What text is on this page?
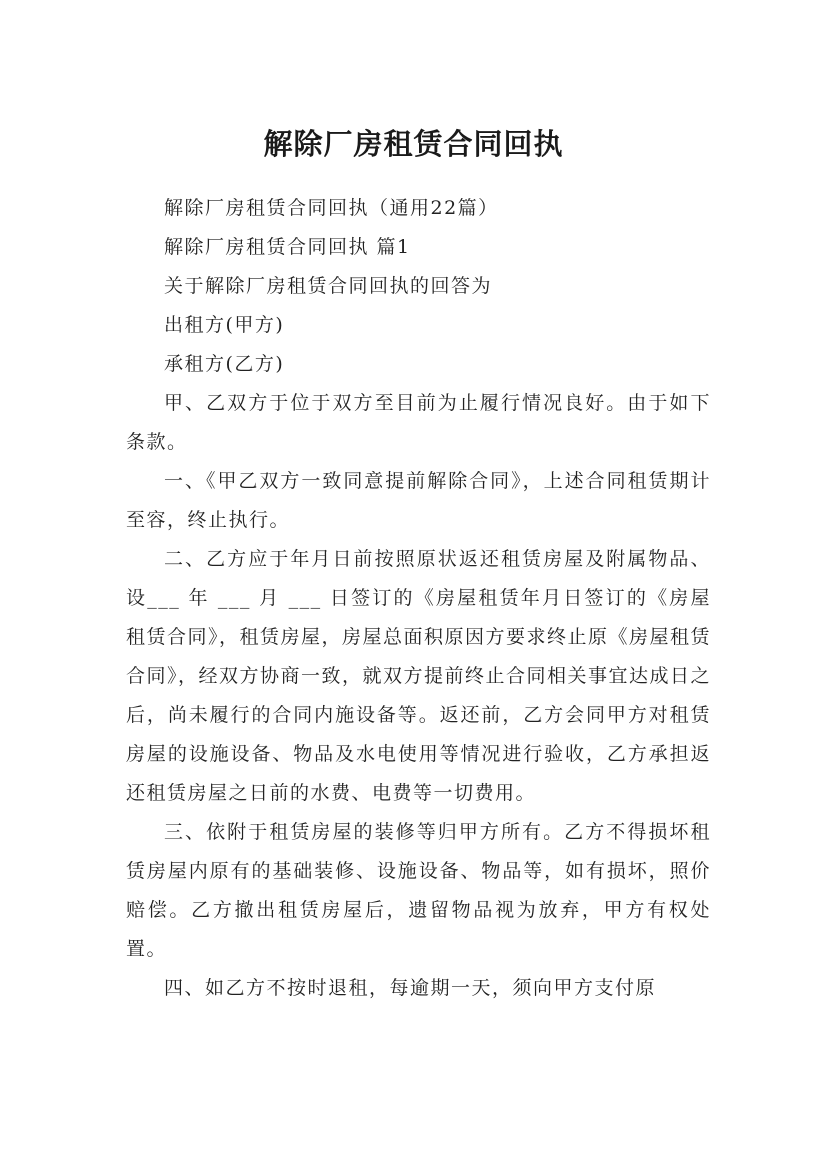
解除厂房租赁合同回执

解除厂房租赁合同回执（通用22篇）

解除厂房租赁合同回执 篇1

关于解除厂房租赁合同回执的回答为

出租方(甲方)

承租方(乙方)

甲、乙双方于位于双方至目前为止履行情况良好。由于如下条款。

一、《甲乙双方一致同意提前解除合同》，上述合同租赁期计至容，终止执行。

二、乙方应于年月日前按照原状返还租赁房屋及附属物品、设___ 年 ___ 月 ___ 日签订的《房屋租赁年月日签订的《房屋租赁合同》，租赁房屋，房屋总面积原因方要求终止原《房屋租赁合同》，经双方协商一致，就双方提前终止合同相关事宜达成日之后，尚未履行的合同内施设备等。返还前，乙方会同甲方对租赁房屋的设施设备、物品及水电使用等情况进行验收，乙方承担返还租赁房屋之日前的水费、电费等一切费用。

三、依附于租赁房屋的装修等归甲方所有。乙方不得损坏租赁房屋内原有的基础装修、设施设备、物品等，如有损坏，照价赔偿。乙方撤出租赁房屋后，遗留物品视为放弃，甲方有权处置。

四、如乙方不按时退租，每逾期一天，须向甲方支付原
